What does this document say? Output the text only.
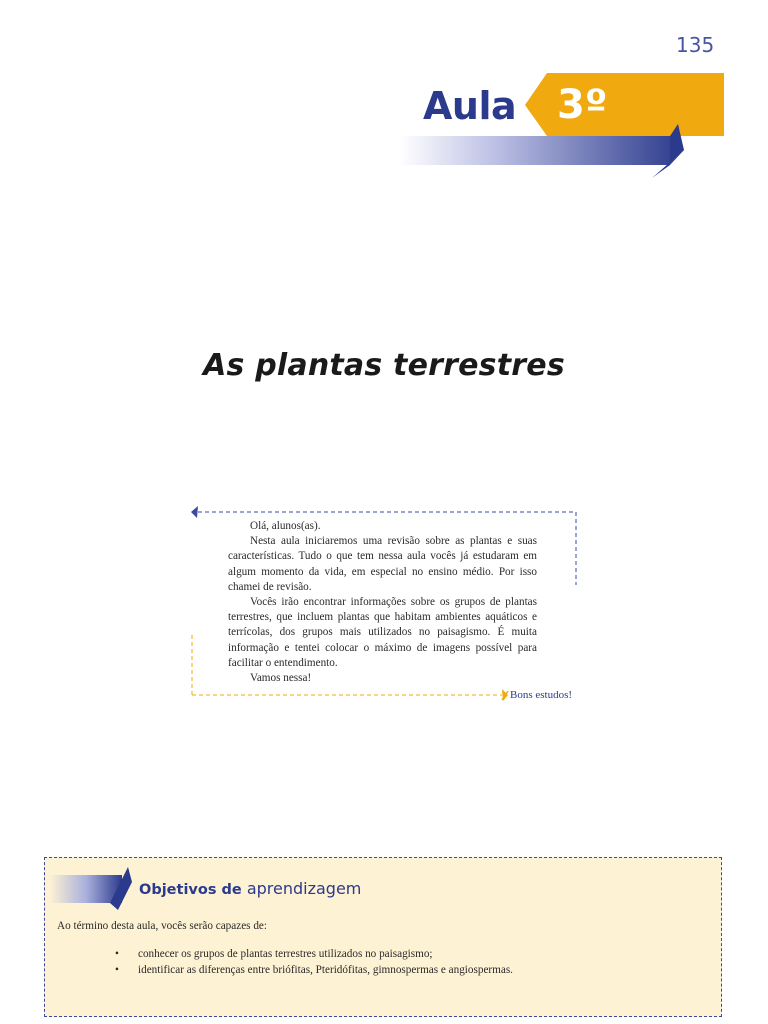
135
Aula 3º
As plantas terrestres

Olá, alunos(as).

Nesta aula iniciaremos uma revisão sobre as plantas e suas características. Tudo o que tem nessa aula vocês já estudaram em algum momento da vida, em especial no ensino médio. Por isso chamei de revisão.

Vocês irão encontrar informações sobre os grupos de plantas terrestres, que incluem plantas que habitam ambientes aquáticos e terrícolas, dos grupos mais utilizados no paisagismo. É muita informação e tentei colocar o máximo de imagens possível para facilitar o entendimento.

Vamos nessa!

Bons estudos!
Objetivos de aprendizagem
Ao término desta aula, vocês serão capazes de:
• conhecer os grupos de plantas terrestres utilizados no paisagismo;
• identificar as diferenças entre briófitas, Pteridófitas, gimnospermas e angiospermas.
